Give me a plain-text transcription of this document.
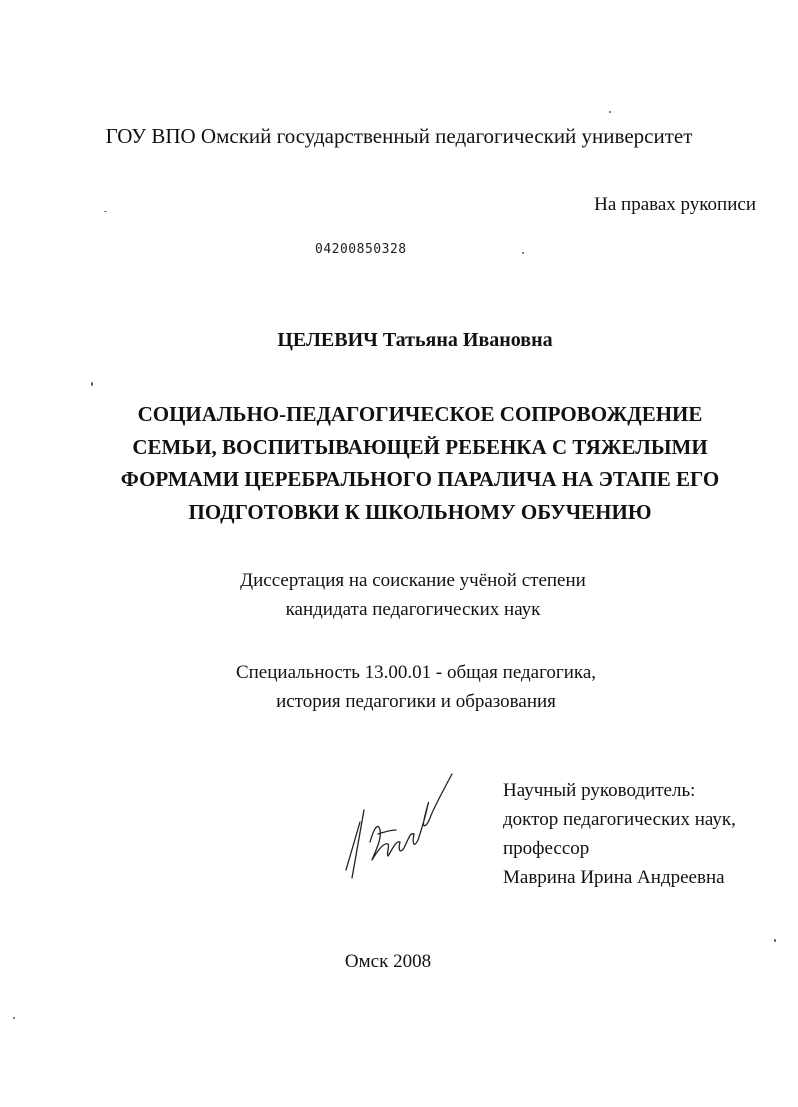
ГОУ ВПО Омский государственный педагогический университет
На правах рукописи
04200850328
ЦЕЛЕВИЧ Татьяна Ивановна
СОЦИАЛЬНО-ПЕДАГОГИЧЕСКОЕ СОПРОВОЖДЕНИЕ
СЕМЬИ, ВОСПИТЫВАЮЩЕЙ РЕБЕНКА С ТЯЖЕЛЫМИ
ФОРМАМИ ЦЕРЕБРАЛЬНОГО ПАРАЛИЧА НА ЭТАПЕ ЕГО
ПОДГОТОВКИ К ШКОЛЬНОМУ ОБУЧЕНИЮ
Диссертация на соискание учёной степени
кандидата педагогических наук
Специальность 13.00.01 - общая педагогика,
история педагогики и образования
Научный руководитель:
доктор педагогических наук,
профессор
Маврина Ирина Андреевна
Омск 2008
